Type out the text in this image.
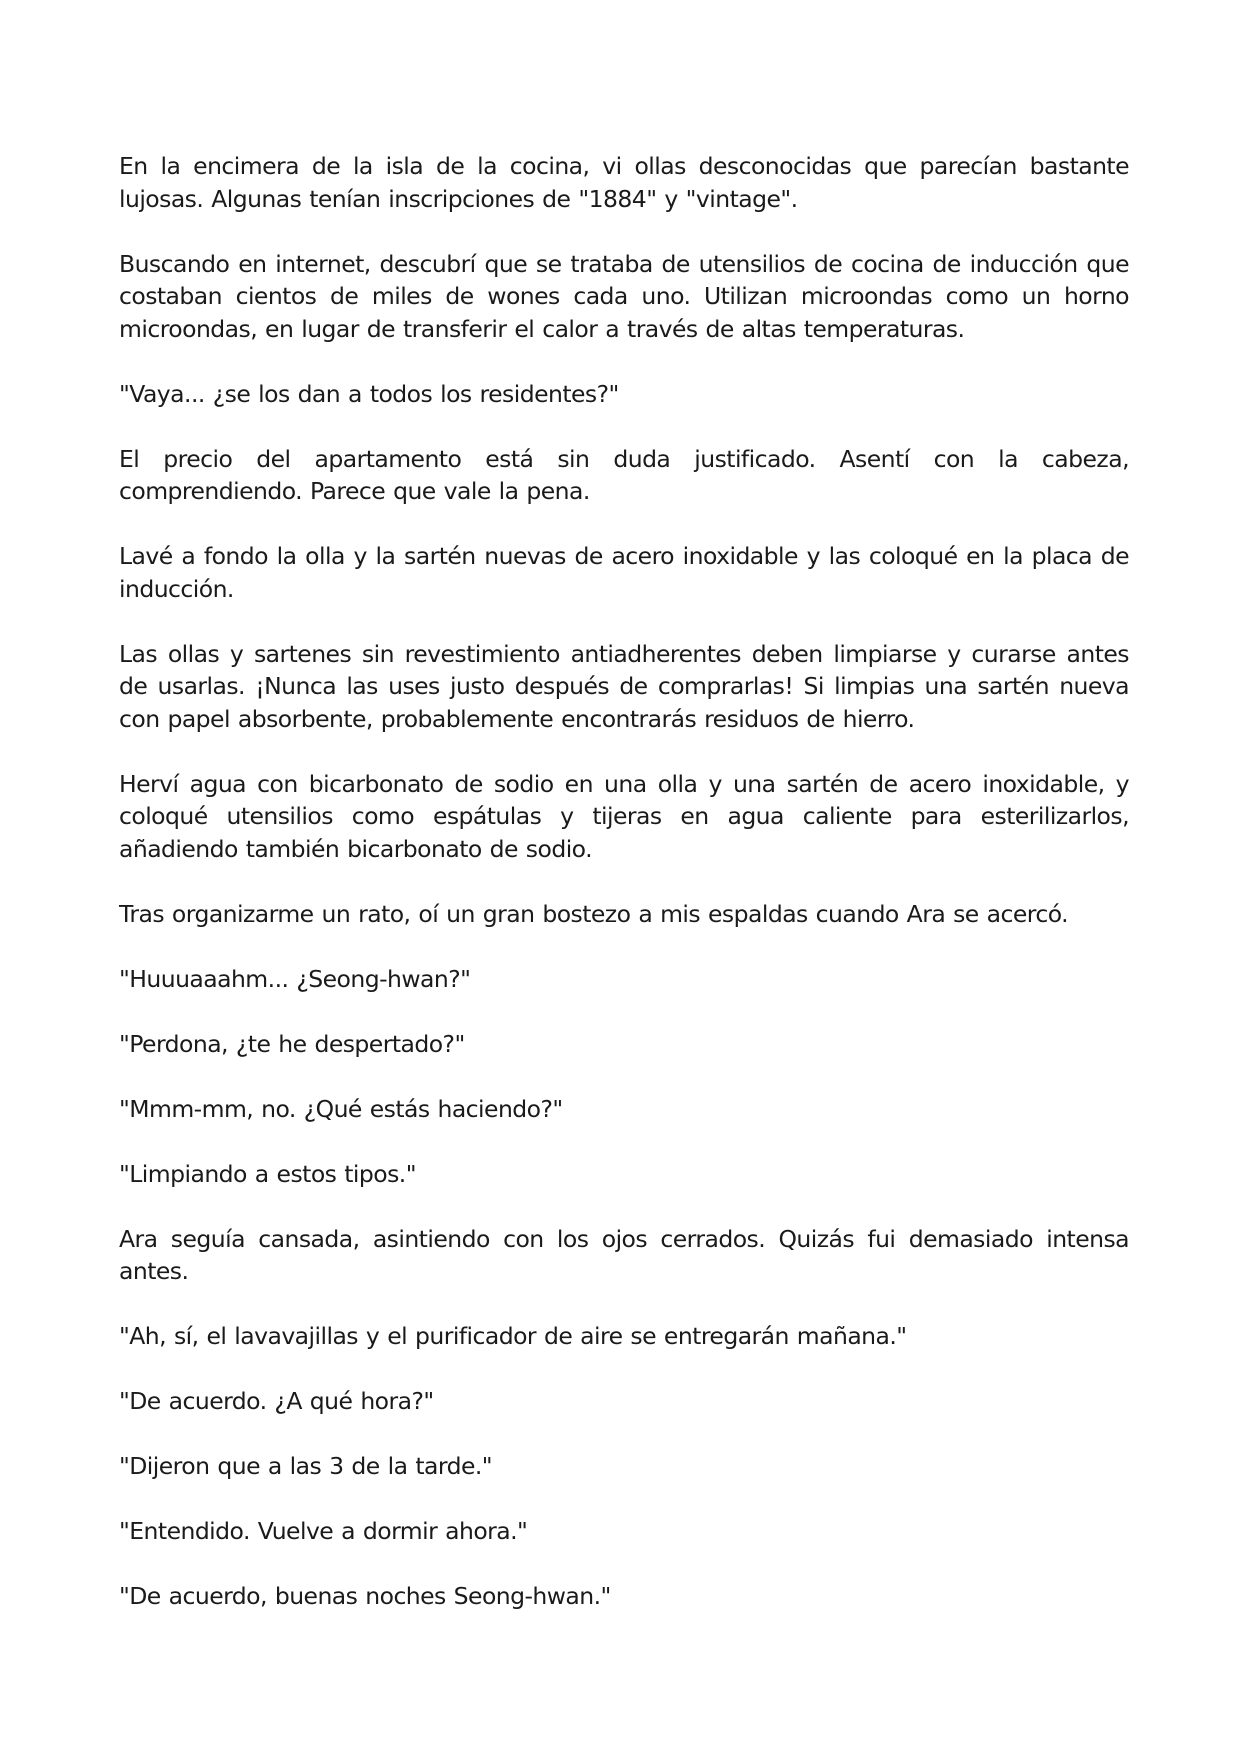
En la encimera de la isla de la cocina, vi ollas desconocidas que parecían bastante lujosas. Algunas tenían inscripciones de "1884" y "vintage".

Buscando en internet, descubrí que se trataba de utensilios de cocina de inducción que costaban cientos de miles de wones cada uno. Utilizan microondas como un horno microondas, en lugar de transferir el calor a través de altas temperaturas.

"Vaya... ¿se los dan a todos los residentes?"

El precio del apartamento está sin duda justificado. Asentí con la cabeza, comprendiendo. Parece que vale la pena.

Lavé a fondo la olla y la sartén nuevas de acero inoxidable y las coloqué en la placa de inducción.

Las ollas y sartenes sin revestimiento antiadherentes deben limpiarse y curarse antes de usarlas. ¡Nunca las uses justo después de comprarlas! Si limpias una sartén nueva con papel absorbente, probablemente encontrarás residuos de hierro.

Herví agua con bicarbonato de sodio en una olla y una sartén de acero inoxidable, y coloqué utensilios como espátulas y tijeras en agua caliente para esterilizarlos, añadiendo también bicarbonato de sodio.

Tras organizarme un rato, oí un gran bostezo a mis espaldas cuando Ara se acercó.

"Huuuaaahm... ¿Seong-hwan?"

"Perdona, ¿te he despertado?"

"Mmm-mm, no. ¿Qué estás haciendo?"

"Limpiando a estos tipos."

Ara seguía cansada, asintiendo con los ojos cerrados. Quizás fui demasiado intensa antes.

"Ah, sí, el lavavajillas y el purificador de aire se entregarán mañana."

"De acuerdo. ¿A qué hora?"

"Dijeron que a las 3 de la tarde."

"Entendido. Vuelve a dormir ahora."

"De acuerdo, buenas noches Seong-hwan."
